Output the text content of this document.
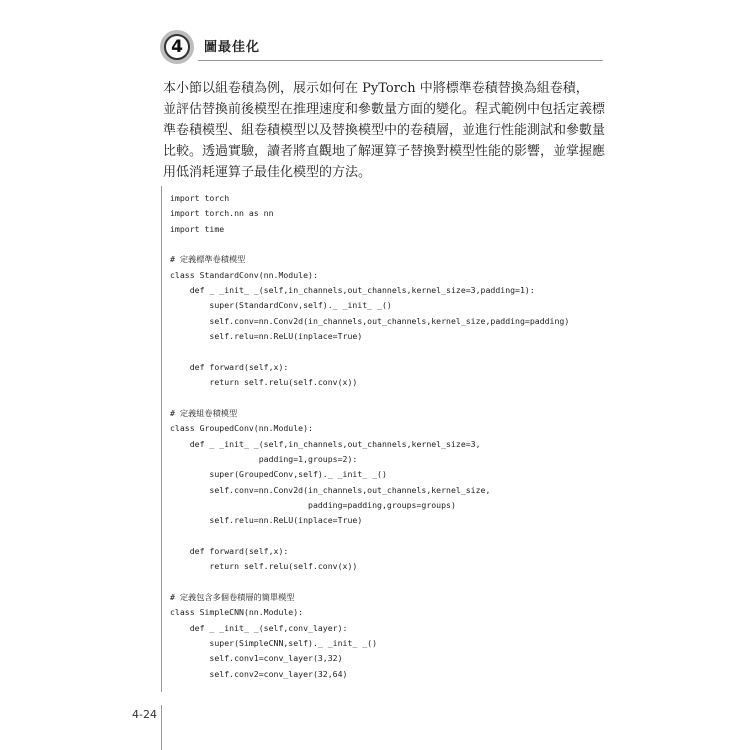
4	圖最佳化
本小節以組卷積為例，展示如何在 PyTorch 中將標準卷積替換為組卷積，
並評估替換前後模型在推理速度和參數量方面的變化。程式範例中包括定義標
準卷積模型、組卷積模型以及替換模型中的卷積層，並進行性能測試和參數量
比較。透過實驗，讀者將直觀地了解運算子替換對模型性能的影響，並掌握應
用低消耗運算子最佳化模型的方法。
import torch
import torch.nn as nn
import time
# 定義標準卷積模型
class StandardConv(nn.Module):
def _ _init_ _(self,in_channels,out_channels,kernel_size=3,padding=1):
super(StandardConv,self)._ _init_ _()
self.conv=nn.Conv2d(in_channels,out_channels,kernel_size,padding=padding)
self.relu=nn.ReLU(inplace=True)
def forward(self,x):
return self.relu(self.conv(x))
# 定義組卷積模型
class GroupedConv(nn.Module):
def _ _init_ _(self,in_channels,out_channels,kernel_size=3,
padding=1,groups=2):
super(GroupedConv,self)._ _init_ _()
self.conv=nn.Conv2d(in_channels,out_channels,kernel_size,
padding=padding,groups=groups)
self.relu=nn.ReLU(inplace=True)
def forward(self,x):
return self.relu(self.conv(x))
# 定義包含多個卷積層的簡單模型
class SimpleCNN(nn.Module):
def _ _init_ _(self,conv_layer):
super(SimpleCNN,self)._ _init_ _()
self.conv1=conv_layer(3,32)
self.conv2=conv_layer(32,64)
4-24
